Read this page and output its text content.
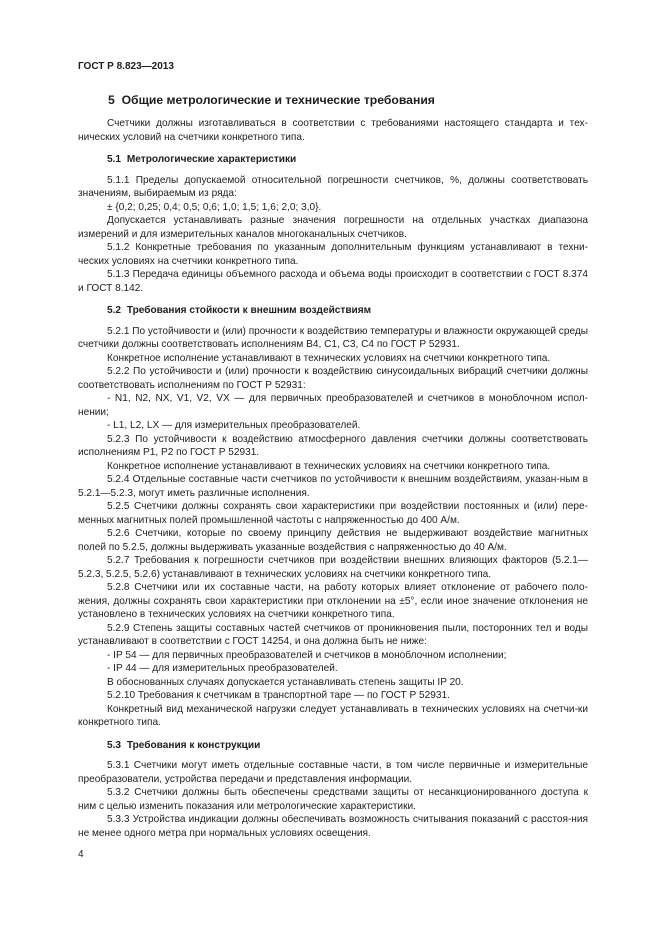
ГОСТ Р 8.823—2013
5 Общие метрологические и технические требования

Счетчики должны изготавливаться в соответствии с требованиями настоящего стандарта и тех-нических условий на счетчики конкретного типа.

5.1 Метрологические характеристики

5.1.1 Пределы допускаемой относительной погрешности счетчиков, %, должны соответствовать значениям, выбираемым из ряда:

± {0,2; 0,25; 0,4; 0,5; 0,6; 1,0; 1,5; 1,6; 2,0; 3,0}.

Допускается устанавливать разные значения погрешности на отдельных участках диапазона измерений и для измерительных каналов многоканальных счетчиков.

5.1.2 Конкретные требования по указанным дополнительным функциям устанавливают в техни-ческих условиях на счетчики конкретного типа.

5.1.3 Передача единицы объемного расхода и объема воды происходит в соответствии с ГОСТ 8.374 и ГОСТ 8.142.

5.2 Требования стойкости к внешним воздействиям

5.2.1 По устойчивости и (или) прочности к воздействию температуры и влажности окружающей среды счетчики должны соответствовать исполнениям В4, С1, С3, С4 по ГОСТ Р 52931.

Конкретное исполнение устанавливают в технических условиях на счетчики конкретного типа.

5.2.2 По устойчивости и (или) прочности к воздействию синусоидальных вибраций счетчики должны соответствовать исполнениям по ГОСТ Р 52931:

- N1, N2, NX, V1, V2, VX — для первичных преобразователей и счетчиков в моноблочном испол-нении;

- L1, L2, LX — для измерительных преобразователей.

5.2.3 По устойчивости к воздействию атмосферного давления счетчики должны соответствовать исполнениям Р1, Р2 по ГОСТ Р 52931.

Конкретное исполнение устанавливают в технических условиях на счетчики конкретного типа.

5.2.4 Отдельные составные части счетчиков по устойчивости к внешним воздействиям, указан-ным в 5.2.1—5.2.3, могут иметь различные исполнения.

5.2.5 Счетчики должны сохранять свои характеристики при воздействии постоянных и (или) пере-менных магнитных полей промышленной частоты с напряженностью до 400 А/м.

5.2.6 Счетчики, которые по своему принципу действия не выдерживают воздействие магнитных полей по 5.2.5, должны выдерживать указанные воздействия с напряженностью до 40 А/м.

5.2.7 Требования к погрешности счетчиков при воздействии внешних влияющих факторов (5.2.1—5.2.3, 5.2.5, 5.2.6) устанавливают в технических условиях на счетчики конкретного типа.

5.2.8 Счетчики или их составные части, на работу которых влияет отклонение от рабочего поло-жения, должны сохранять свои характеристики при отклонении на ±5°, если иное значение отклонения не установлено в технических условиях на счетчики конкретного типа.

5.2.9 Степень защиты составных частей счетчиков от проникновения пыли, посторонних тел и воды устанавливают в соответствии с ГОСТ 14254, и она должна быть не ниже:

- IP 54 — для первичных преобразователей и счетчиков в моноблочном исполнении;

- IP 44 — для измерительных преобразователей.

В обоснованных случаях допускается устанавливать степень защиты IP 20.

5.2.10 Требования к счетчикам в транспортной таре — по ГОСТ Р 52931.

Конкретный вид механической нагрузки следует устанавливать в технических условиях на счетчи-ки конкретного типа.

5.3 Требования к конструкции

5.3.1 Счетчики могут иметь отдельные составные части, в том числе первичные и измерительные преобразователи, устройства передачи и представления информации.

5.3.2 Счетчики должны быть обеспечены средствами защиты от несанкционированного доступа к ним с целью изменить показания или метрологические характеристики.

5.3.3 Устройства индикации должны обеспечивать возможность считывания показаний с расстоя-ния не менее одного метра при нормальных условиях освещения.

4
